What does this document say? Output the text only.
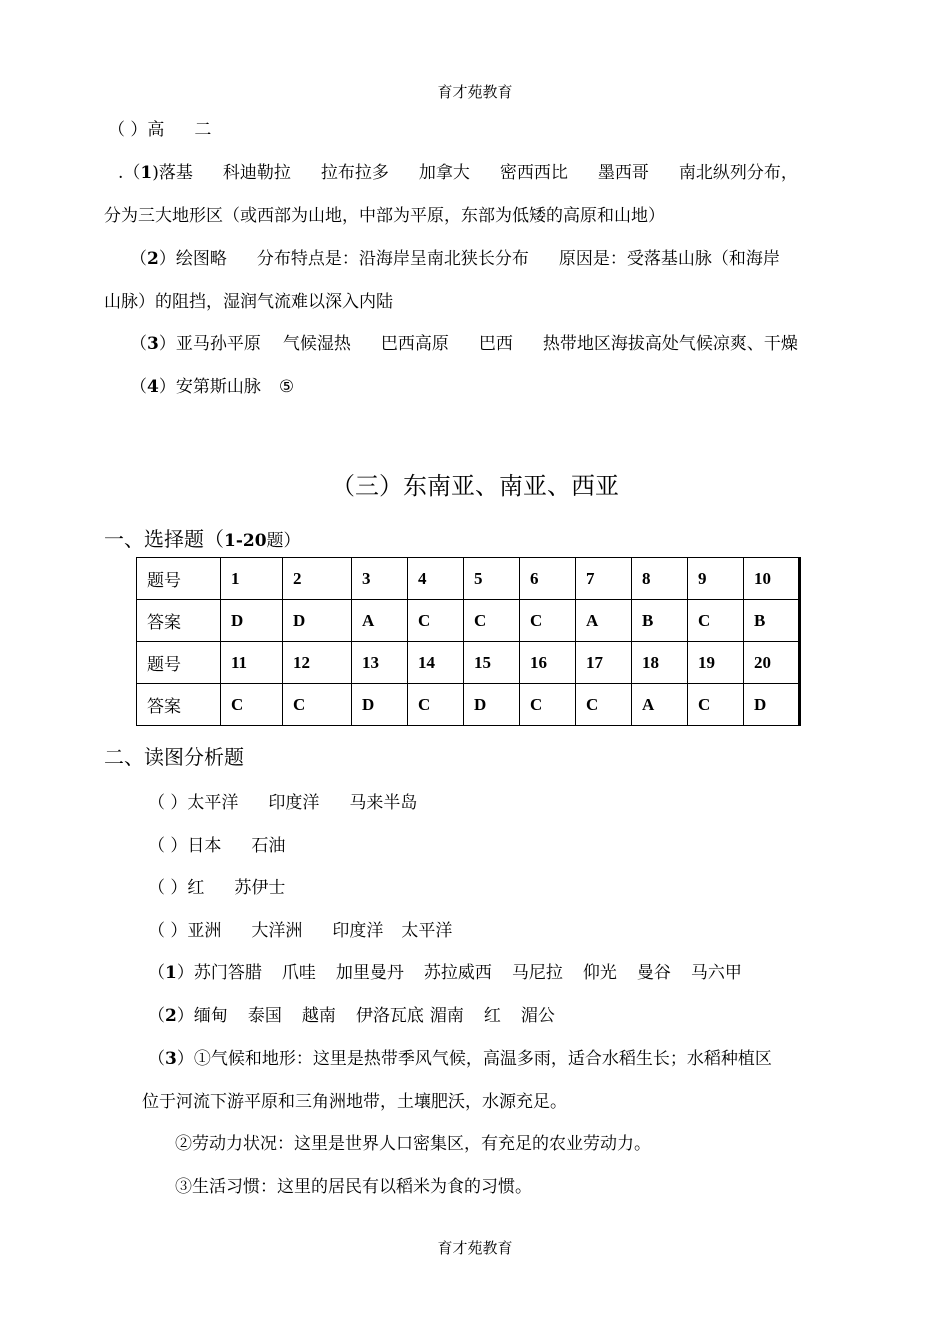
育才苑教育
（ ）高 二
.（1)落基 科迪勒拉 拉布拉多 加拿大 密西西比 墨西哥 南北纵列分布，
分为三大地形区（或西部为山地，中部为平原，东部为低矮的高原和山地）
（2）绘图略 分布特点是：沿海岸呈南北狭长分布 原因是：受落基山脉（和海岸
山脉）的阻挡，湿润气流难以深入内陆
（3）亚马孙平原 气候湿热 巴西高原 巴西 热带地区海拔高处气候凉爽、干燥
（4）安第斯山脉 ⑤
（三）东南亚、南亚、西亚
一、选择题（1-20题）
题号	1	2	3	4	5	6	7	8	9	10
答案	D	D	A	C	C	C	A	B	C	B
题号	11	12	13	14	15	16	17	18	19	20
答案	C	C	D	C	D	C	C	A	C	D
二、读图分析题
（ ）太平洋 印度洋 马来半岛
（ ）日本 石油
（ ）红 苏伊士
（ ）亚洲 大洋洲 印度洋 太平洋
（1）苏门答腊 爪哇 加里曼丹 苏拉威西 马尼拉 仰光 曼谷 马六甲
（2）缅甸 泰国 越南 伊洛瓦底 湄南 红 湄公
（3）①气候和地形：这里是热带季风气候，高温多雨，适合水稻生长；水稻种植区
位于河流下游平原和三角洲地带，土壤肥沃，水源充足。
②劳动力状况：这里是世界人口密集区，有充足的农业劳动力。
③生活习惯：这里的居民有以稻米为食的习惯。
育才苑教育
